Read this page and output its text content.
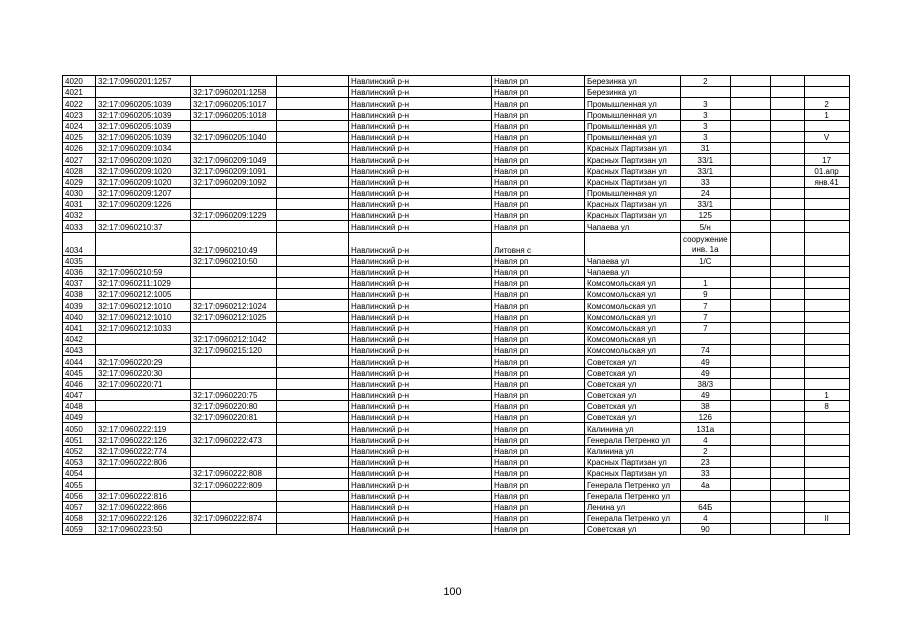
4020	32:17:0960201:1257			Навлинский р-н	Навля рп	Березинка ул	2			
4021		32:17:0960201:1258		Навлинский р-н	Навля рп	Березинка ул				
4022	32:17:0960205:1039	32:17:0960205:1017		Навлинский р-н	Навля рп	Промышленная ул	3			2
4023	32:17:0960205:1039	32:17:0960205:1018		Навлинский р-н	Навля рп	Промышленная ул	3			1
4024	32:17:0960205:1039			Навлинский р-н	Навля рп	Промышленная ул	3			
4025	32:17:0960205:1039	32:17:0960205:1040		Навлинский р-н	Навля рп	Промышленная ул	3			V
4026	32:17:0960209:1034			Навлинский р-н	Навля рп	Красных Партизан ул	31			
4027	32:17:0960209:1020	32:17:0960209:1049		Навлинский р-н	Навля рп	Красных Партизан ул	33/1			17
4028	32:17:0960209:1020	32:17:0960209:1091		Навлинский р-н	Навля рп	Красных Партизан ул	33/1			01.апр
4029	32:17:0960209:1020	32:17:0960209:1092		Навлинский р-н	Навля рп	Красных Партизан ул	33			янв.41
4030	32:17:0960209:1207			Навлинский р-н	Навля рп	Промышленная ул	24			
4031	32:17:0960209:1226			Навлинский р-н	Навля рп	Красных Партизан ул	33/1			
4032		32:17:0960209:1229		Навлинский р-н	Навля рп	Красных Партизан ул	125			
4033	32:17:0960210:37			Навлинский р-н	Навля рп	Чапаева ул	5/н			
4034		32:17:0960210:49		Навлинский р-н	Литовня с		сооружение инв. 1а			
4035		32:17:0960210:50		Навлинский р-н	Навля рп	Чапаева ул	1/С			
4036	32:17:0960210:59			Навлинский р-н	Навля рп	Чапаева ул				
4037	32:17:0960211:1029			Навлинский р-н	Навля рп	Комсомольская ул	1			
4038	32:17:0960212:1005			Навлинский р-н	Навля рп	Комсомольская ул	9			
4039	32:17:0960212:1010	32:17:0960212:1024		Навлинский р-н	Навля рп	Комсомольская ул	7			
4040	32:17:0960212:1010	32:17:0960212:1025		Навлинский р-н	Навля рп	Комсомольская ул	7			
4041	32:17:0960212:1033			Навлинский р-н	Навля рп	Комсомольская ул	7			
4042		32:17:0960212:1042		Навлинский р-н	Навля рп	Комсомольская ул				
4043		32:17:0960215:120		Навлинский р-н	Навля рп	Комсомольская ул	74			
4044	32:17:0960220:29			Навлинский р-н	Навля рп	Советская ул	49			
4045	32:17:0960220:30			Навлинский р-н	Навля рп	Советская ул	49			
4046	32:17:0960220:71			Навлинский р-н	Навля рп	Советская ул	38/3			
4047		32:17:0960220:75		Навлинский р-н	Навля рп	Советская ул	49			1
4048		32:17:0960220:80		Навлинский р-н	Навля рп	Советская ул	38			8
4049		32:17:0960220:81		Навлинский р-н	Навля рп	Советская ул	126			
4050	32:17:0960222:119			Навлинский р-н	Навля рп	Калинина ул	131а			
4051	32:17:0960222:126	32:17:0960222:473		Навлинский р-н	Навля рп	Генерала Петренко ул	4			
4052	32:17:0960222:774			Навлинский р-н	Навля рп	Калинина ул	2			
4053	32:17:0960222:806			Навлинский р-н	Навля рп	Красных Партизан ул	23			
4054		32:17:0960222:808		Навлинский р-н	Навля рп	Красных Партизан ул	33			
4055		32:17:0960222:809		Навлинский р-н	Навля рп	Генерала Петренко ул	4а			
4056	32:17:0960222:816			Навлинский р-н	Навля рп	Генерала Петренко ул				
4057	32:17:0960222:866			Навлинский р-н	Навля рп	Ленина ул	64Б			
4058	32:17:0960222:126	32:17:0960222:874		Навлинский р-н	Навля рп	Генерала Петренко ул	4			II
4059	32:17:0960223:50			Навлинский р-н	Навля рп	Советская ул	90			
100
